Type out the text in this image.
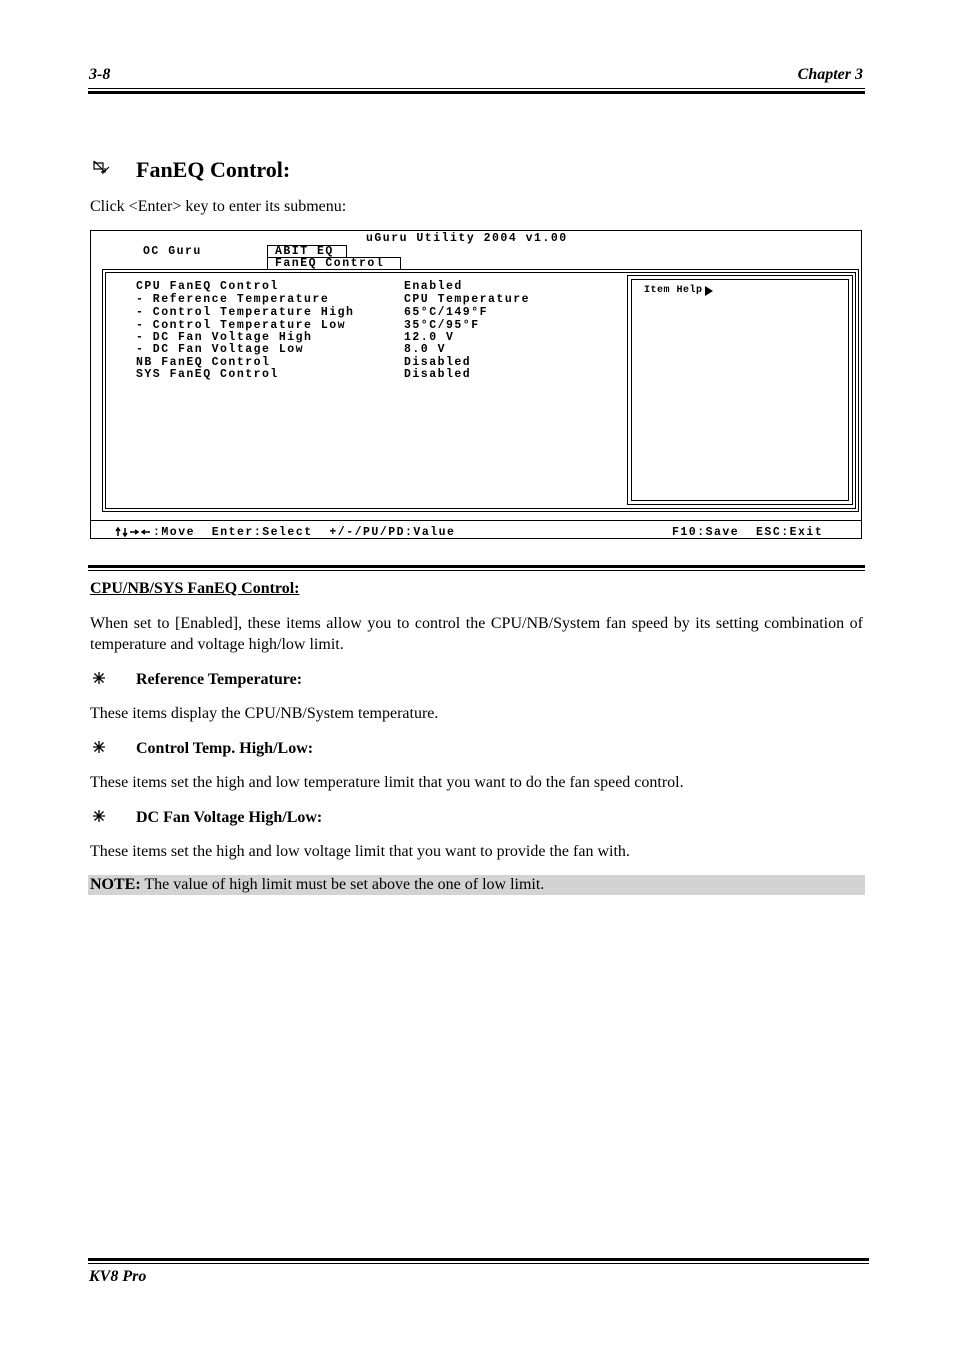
3-8	Chapter 3
FanEQ Control:
Click <Enter> key to enter its submenu:
uGuru Utility 2004 v1.00
OC Guru	ABIT EQ
FanEQ Control
CPU FanEQ Control	Enabled
- Reference Temperature	CPU Temperature
- Control Temperature High	65°C/149°F
- Control Temperature Low	35°C/95°F
- DC Fan Voltage High	12.0 V
- DC Fan Voltage Low	8.0 V
NB FanEQ Control	Disabled
SYS FanEQ Control	Disabled
Item Help
:Move  Enter:Select  +/-/PU/PD:Value	F10:Save  ESC:Exit
CPU/NB/SYS FanEQ Control:
When set to [Enabled], these items allow you to control the CPU/NB/System fan speed by its setting combination of temperature and voltage high/low limit.
Reference Temperature:
These items display the CPU/NB/System temperature.
Control Temp. High/Low:
These items set the high and low temperature limit that you want to do the fan speed control.
DC Fan Voltage High/Low:
These items set the high and low voltage limit that you want to provide the fan with.
NOTE: The value of high limit must be set above the one of low limit.
KV8 Pro
